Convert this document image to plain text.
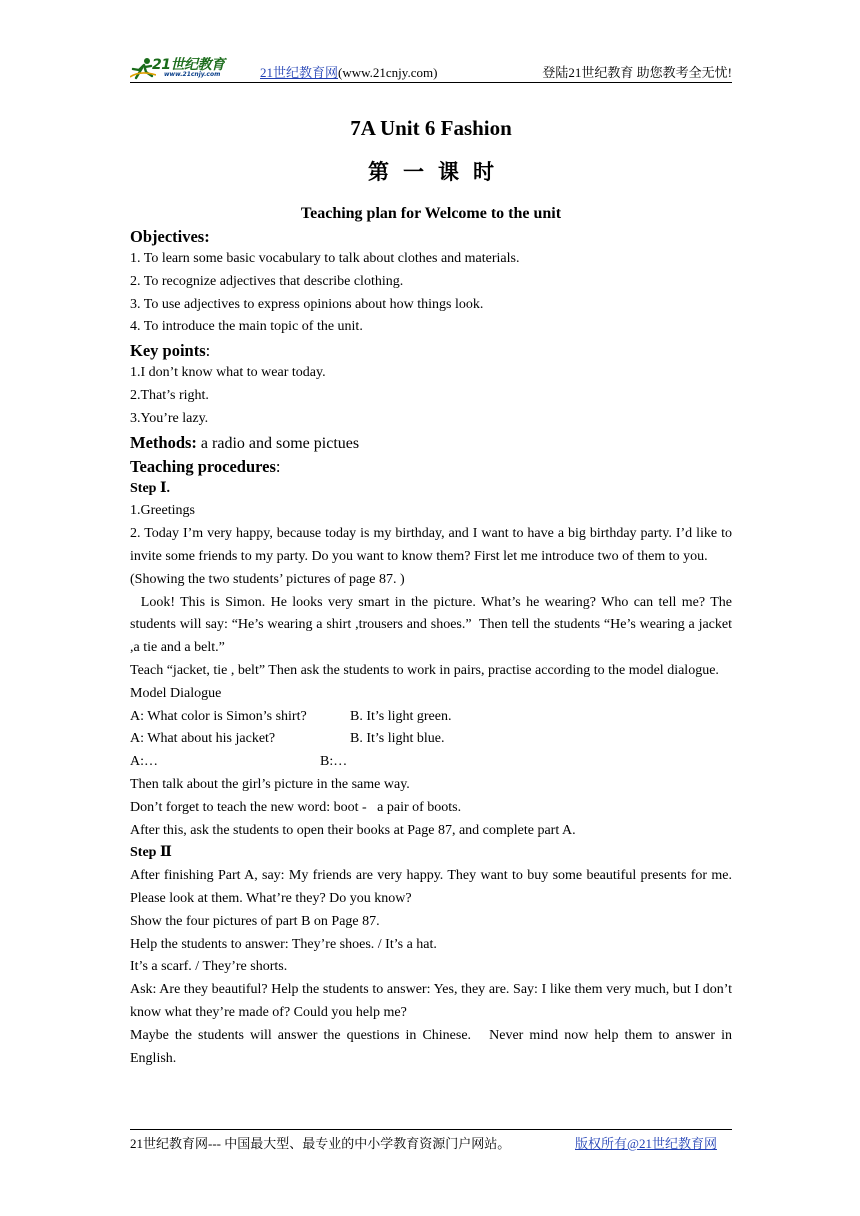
21世纪教育
www.21cnjy.com	21世纪教育网(www.21cnjy.com)	登陆21世纪教育 助您教考全无忧!
7A Unit 6 Fashion
第一课时
Teaching plan for Welcome to the unit
Objectives:
1. To learn some basic vocabulary to talk about clothes and materials.
2. To recognize adjectives that describe clothing.
3. To use adjectives to express opinions about how things look.
4. To introduce the main topic of the unit.
Key points:
1.I don’t know what to wear today.
2.That’s right.
3.You’re lazy.
Methods: a radio and some pictues
Teaching procedures:
Step Ⅰ.
1.Greetings
2. Today I’m very happy, because today is my birthday, and I want to have a big birthday party. I’d like to invite some friends to my party. Do you want to know them? First let me introduce two of them to you.
(Showing the two students’ pictures of page 87. )
Look! This is Simon. He looks very smart in the picture. What’s he wearing? Who can tell me? The students will say: “He’s wearing a shirt ,trousers and shoes.”  Then tell the students “He’s wearing a jacket ,a tie and a belt.”
Teach “jacket, tie , belt” Then ask the students to work in pairs, practise according to the model dialogue.
Model Dialogue
A: What color is Simon’s shirt?	B. It’s light green.
A: What about his jacket?	B. It’s light blue.
A:…	B:…
Then talk about the girl’s picture in the same way.
Don’t forget to teach the new word: boot -   a pair of boots.
After this, ask the students to open their books at Page 87, and complete part A.
Step Ⅱ
After finishing Part A, say: My friends are very happy. They want to buy some beautiful presents for me. Please look at them. What’re they? Do you know?
Show the four pictures of part B on Page 87.
Help the students to answer: They’re shoes. / It’s a hat.
It’s a scarf. / They’re shorts.
Ask: Are they beautiful? Help the students to answer: Yes, they are. Say: I like them very much, but I don’t know what they’re made of? Could you help me?
Maybe the students will answer the questions in Chinese.   Never mind now help them to answer in English.
21世纪教育网--- 中国最大型、最专业的中小学教育资源门户网站。	版权所有@21世纪教育网
